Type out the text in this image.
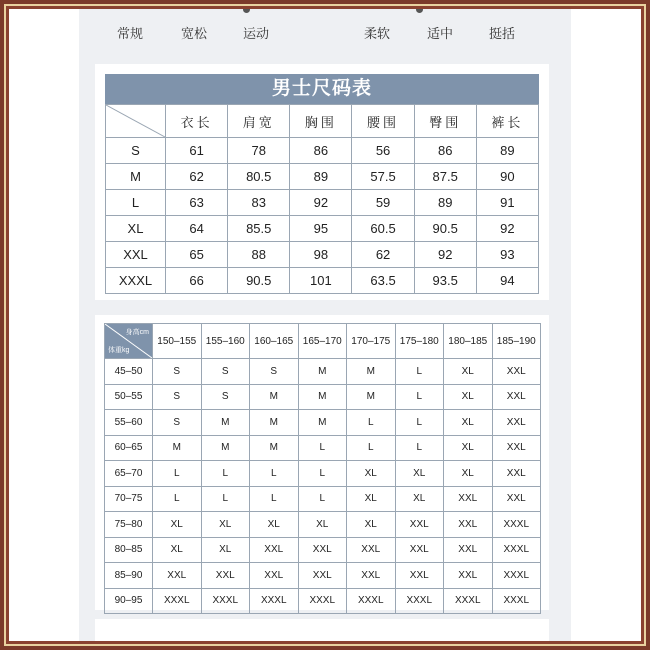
常规	宽松	运动	柔软	适中	挺括
男士尺码表
	衣长	肩宽	胸围	腰围	臀围	裤长
S	61	78	86	56	86	89
M	62	80.5	89	57.5	87.5	90
L	63	83	92	59	89	91
XL	64	85.5	95	60.5	90.5	92
XXL	65	88	98	62	92	93
XXXL	66	90.5	101	63.5	93.5	94
身高cm
体重kg	150–155	155–160	160–165	165–170	170–175	175–180	180–185	185–190
45–50	S	S	S	M	M	L	XL	XXL
50–55	S	S	M	M	M	L	XL	XXL
55–60	S	M	M	M	L	L	XL	XXL
60–65	M	M	M	L	L	L	XL	XXL
65–70	L	L	L	L	XL	XL	XL	XXL
70–75	L	L	L	L	XL	XL	XXL	XXL
75–80	XL	XL	XL	XL	XL	XXL	XXL	XXXL
80–85	XL	XL	XXL	XXL	XXL	XXL	XXL	XXXL
85–90	XXL	XXL	XXL	XXL	XXL	XXL	XXL	XXXL
90–95	XXXL	XXXL	XXXL	XXXL	XXXL	XXXL	XXXL	XXXL
